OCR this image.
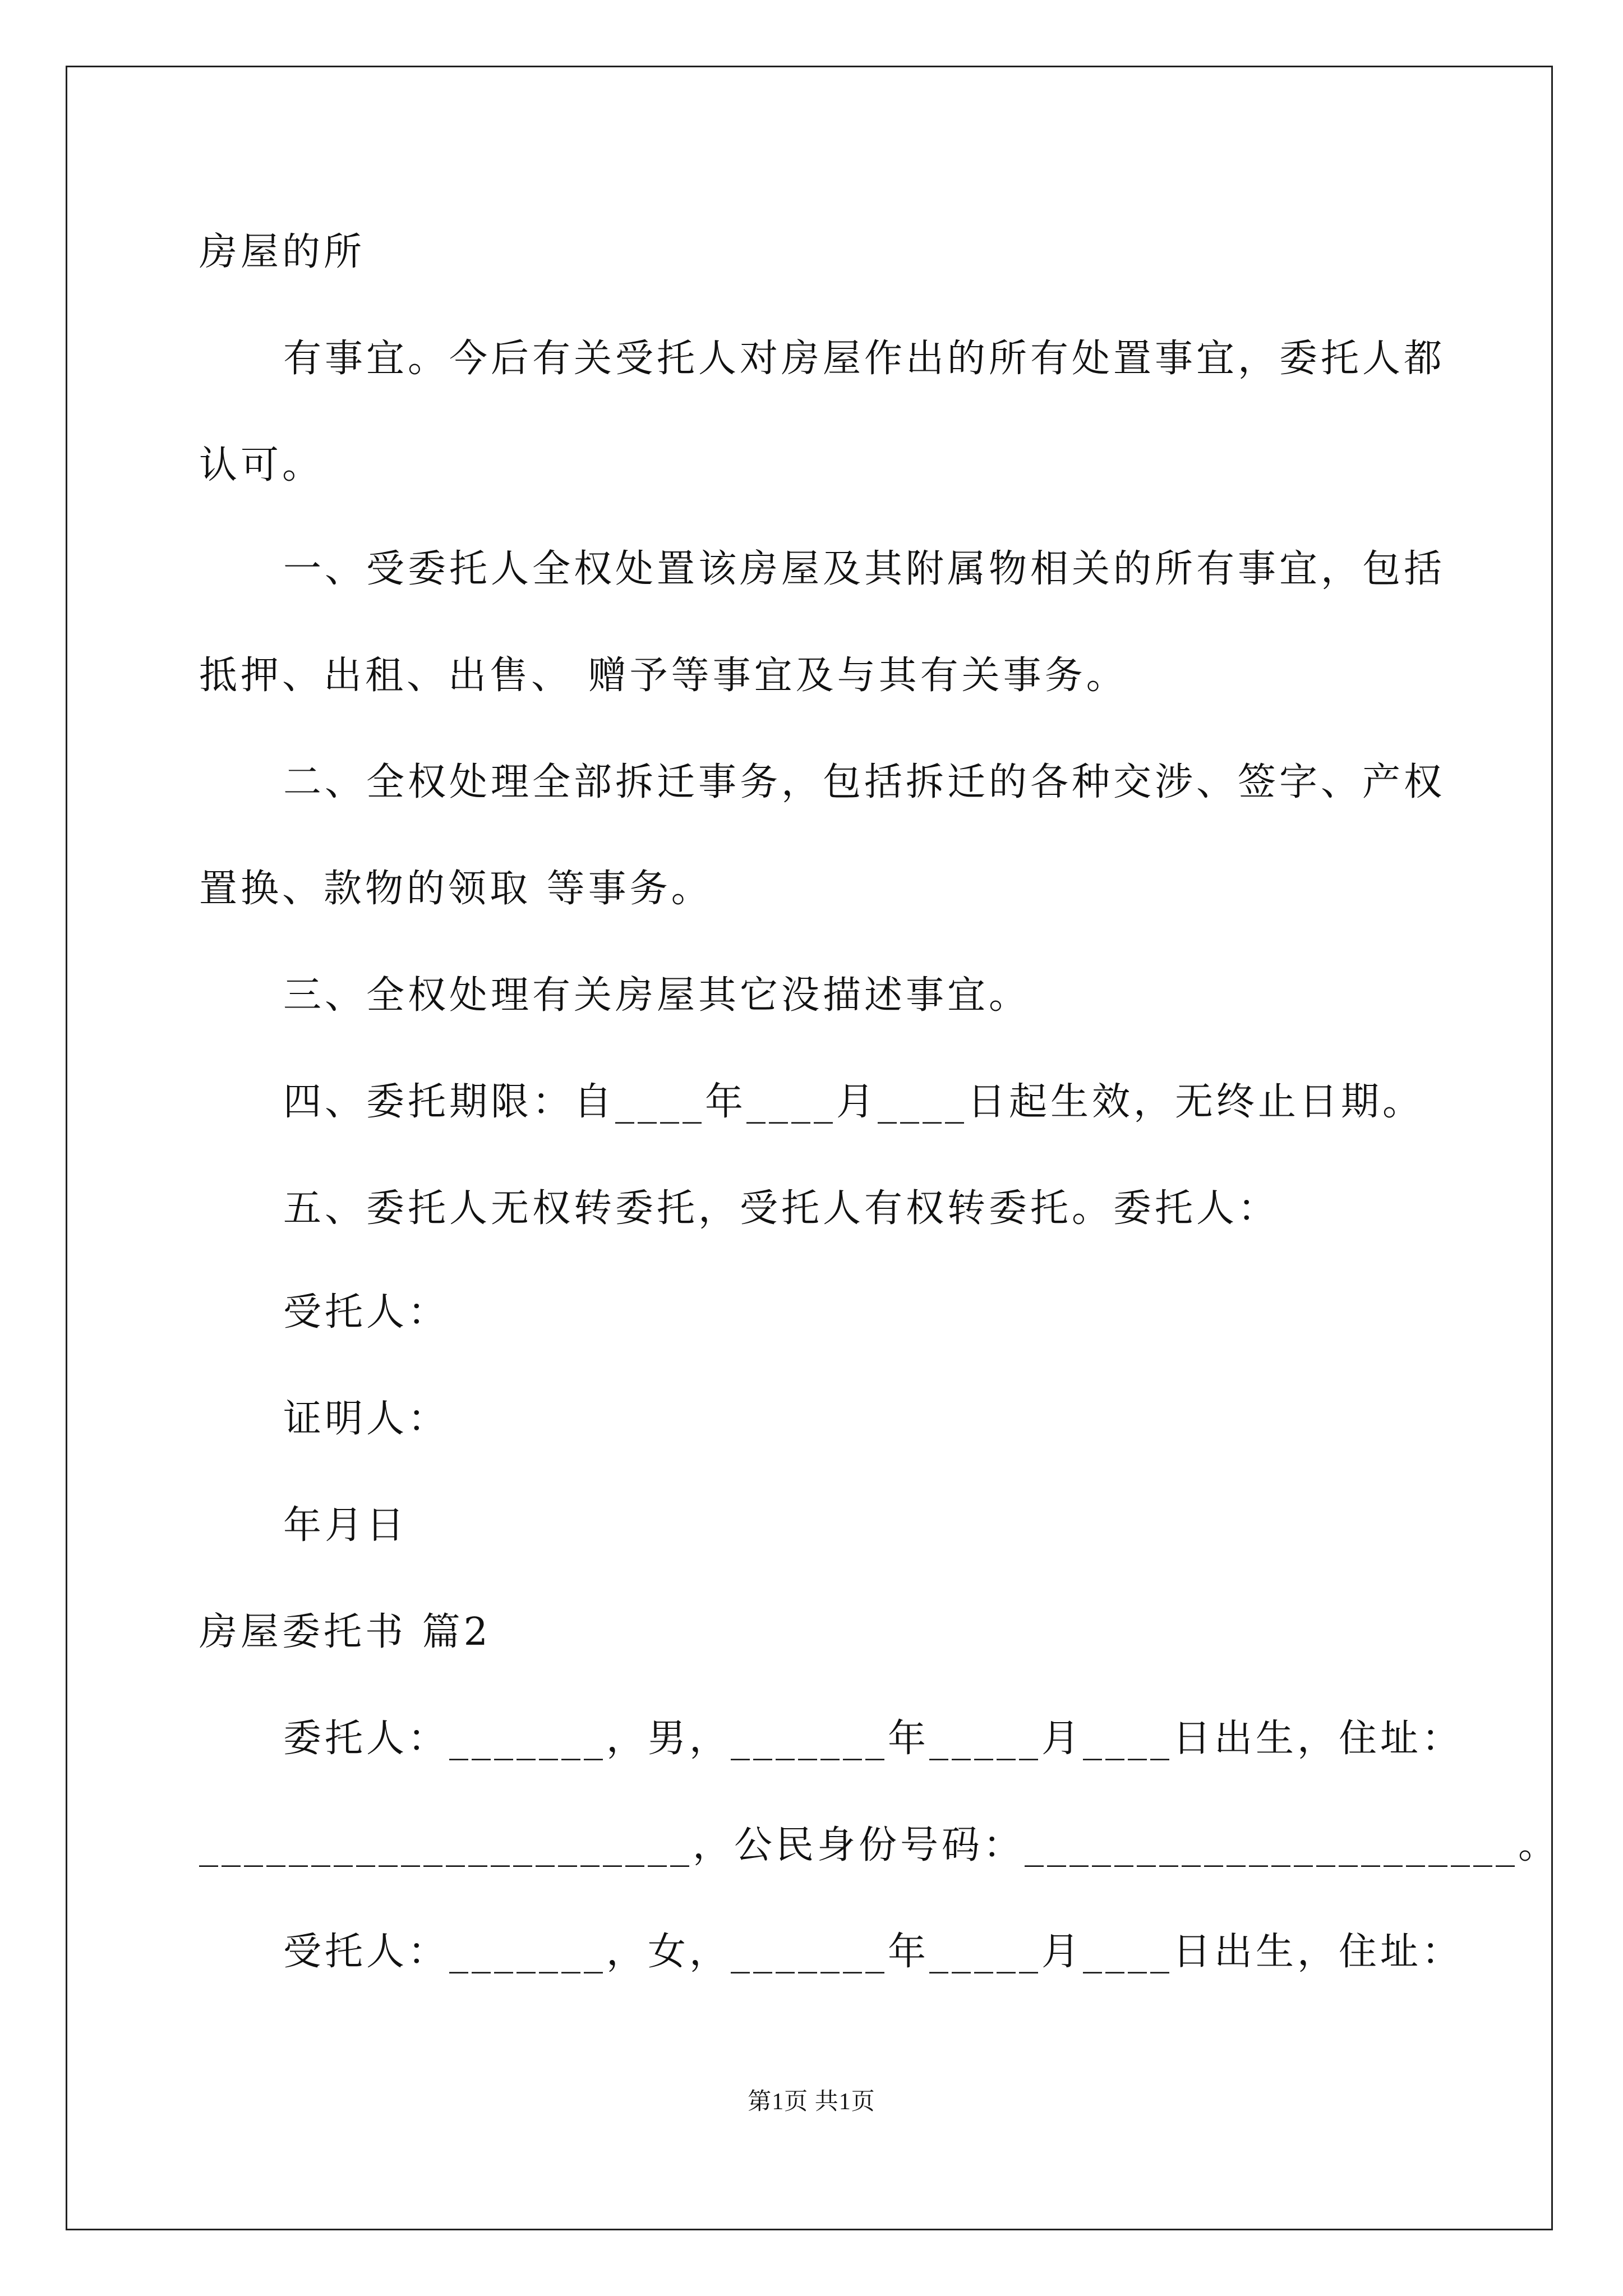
房屋的所
有事宜。今后有关受托人对房屋作出的所有处置事宜，委托人都
认可。
一、受委托人全权处置该房屋及其附属物相关的所有事宜，包括
抵押、出租、出售、 赠予等事宜及与其有关事务。
二、全权处理全部拆迁事务，包括拆迁的各种交涉、签字、产权
置换、款物的领取 等事务。
三、全权处理有关房屋其它没描述事宜。
四、委托期限：自____年____月____日起生效，无终止日期。
五、委托人无权转委托，受托人有权转委托。委托人：
受托人：
证明人：
年月日
房屋委托书 篇2
委托人：_______，男，_______年_____月____日出生，住址：
______________________，公民身份号码：______________________。
受托人：_______，女，_______年_____月____日出生，住址：
第1页 共1页
